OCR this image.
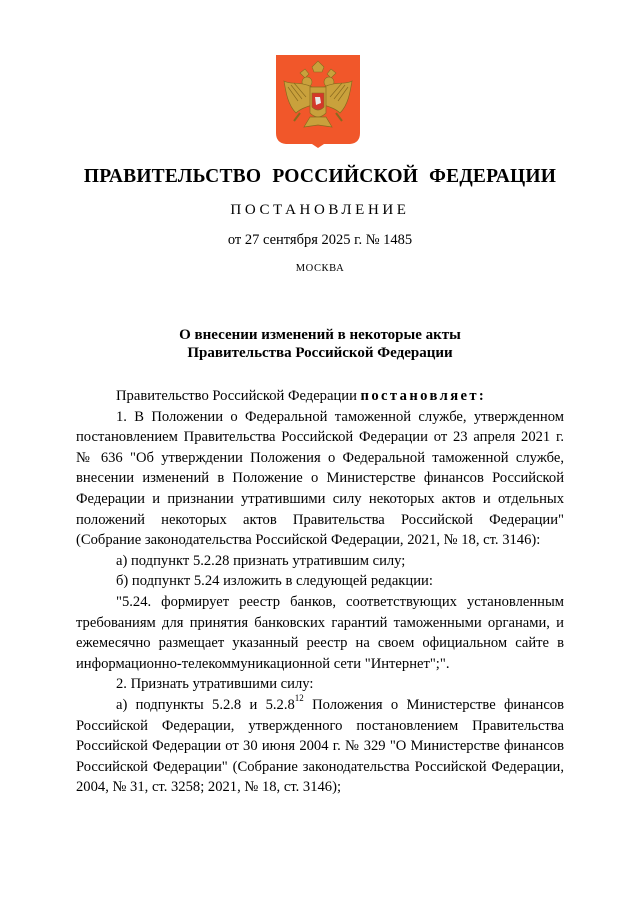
ПРАВИТЕЛЬСТВО РОССИЙСКОЙ ФЕДЕРАЦИИ
ПОСТАНОВЛЕНИЕ
от 27 сентября 2025 г. № 1485
МОСКВА
О внесении изменений в некоторые акты
Правительства Российской Федерации

Правительство Российской Федерации постановляет:

1. В Положении о Федеральной таможенной службе, утвержденном постановлением Правительства Российской Федерации от 23 апреля 2021 г. № 636 "Об утверждении Положения о Федеральной таможенной службе, внесении изменений в Положение о Министерстве финансов Российской Федерации и признании утратившими силу некоторых актов и отдельных положений некоторых актов Правительства Российской Федерации" (Собрание законодательства Российской Федерации, 2021, № 18, ст. 3146):

а) подпункт 5.2.28 признать утратившим силу;

б) подпункт 5.24 изложить в следующей редакции:

"5.24. формирует реестр банков, соответствующих установленным требованиям для принятия банковских гарантий таможенными органами, и ежемесячно размещает указанный реестр на своем официальном сайте в информационно-телекоммуникационной сети "Интернет";".

2. Признать утратившими силу:

а) подпункты 5.2.8 и 5.2.8$^{12}$ Положения о Министерстве финансов Российской Федерации, утвержденного постановлением Правительства Российской Федерации от 30 июня 2004 г. № 329 "О Министерстве финансов Российской Федерации" (Собрание законодательства Российской Федерации, 2004, № 31, ст. 3258; 2021, № 18, ст. 3146);
